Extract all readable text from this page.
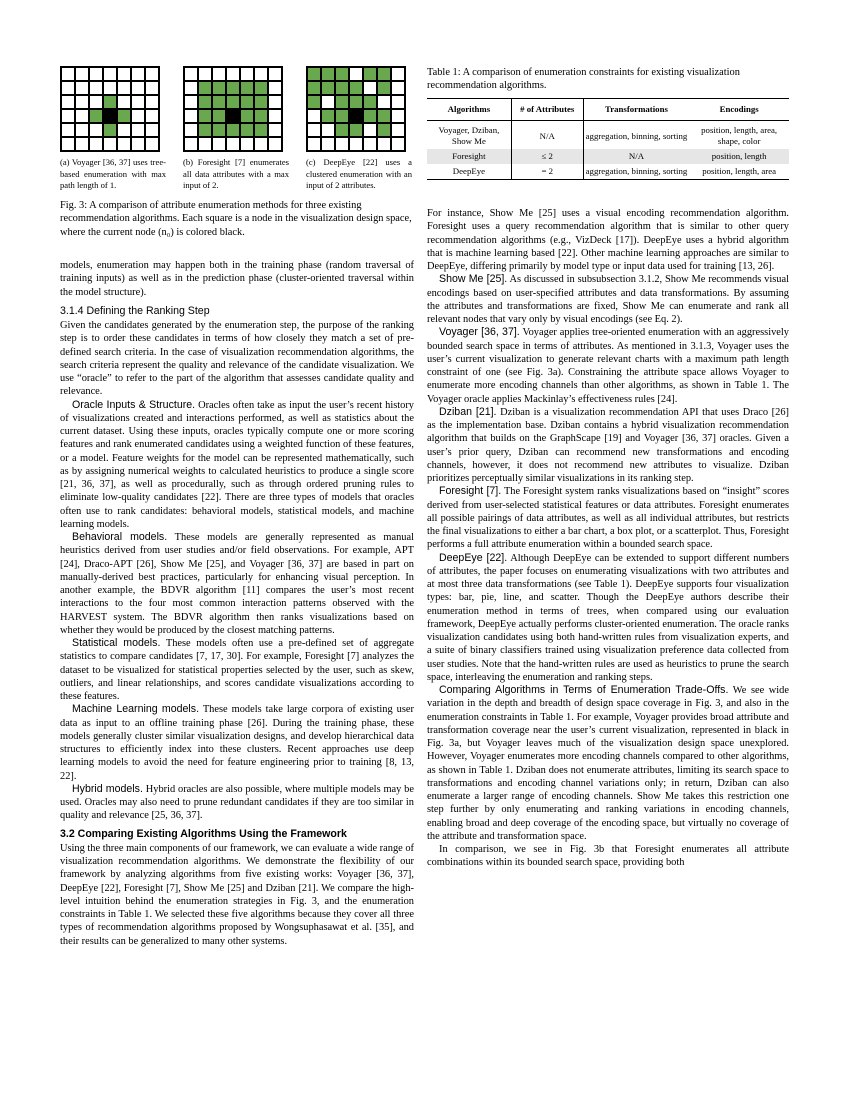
(a) Voyager [36, 37] uses tree-based enumeration with max path length of 1.
(b) Foresight [7] enumerates all data attributes with a max input of 2.
(c) DeepEye [22] uses a clustered enumeration with an input of 2 attributes.
Fig. 3: A comparison of attribute enumeration methods for three existing recommendation algorithms. Each square is a node in the visualization design space, where the current node (n₀) is colored black.

models, enumeration may happen both in the training phase (random traversal of training inputs) as well as in the prediction phase (cluster-oriented traversal within the model structure).

3.1.4 Defining the Ranking Step

Given the candidates generated by the enumeration step, the purpose of the ranking step is to order these candidates in terms of how closely they match a set of pre-defined search criteria. In the case of visualization recommendation algorithms, the search criteria represent the quality and relevance of the candidate visualization. We use “oracle” to refer to the part of the algorithm that assesses candidate quality and relevance.

Oracle Inputs & Structure. Oracles often take as input the user’s recent history of visualizations created and interactions performed, as well as statistics about the current dataset. Using these inputs, oracles typically compute one or more scoring features and rank enumerated candidates using a weighted function of these features, or a model. Feature weights for the model can be represented mathematically, such as by assigning numerical weights to calculated heuristics to produce a single score [21, 36, 37], as well as procedurally, such as through ordered pruning rules to eliminate low-quality candidates [22]. There are three types of models that oracles often use to rank candidates: behavioral models, statistical models, and machine learning models.

Behavioral models. These models are generally represented as manual heuristics derived from user studies and/or field observations. For example, APT [24], Draco-APT [26], Show Me [25], and Voyager [36, 37] are based in part on manually-derived best practices, particularly for enhancing visual perception. In another example, the BDVR algorithm [11] compares the user’s most recent interactions to the four most common interaction patterns observed with the HARVEST system. The BDVR algorithm then ranks visualizations based on whether they would be produced by the closest matching patterns.

Statistical models. These models often use a pre-defined set of aggregate statistics to compare candidates [7, 17, 30]. For example, Foresight [7] analyzes the dataset to be visualized for statistical properties selected by the user, such as skew, outliers, and linear relationships, and scores candidate visualizations according to these features.

Machine Learning models. These models take large corpora of existing user data as input to an offline training phase [26]. During the training phase, these models generally cluster similar visualization designs, and develop hierarchical data structures to efficiently index into these clusters. Recent approaches use deep learning models to avoid the need for feature engineering prior to training [8, 13, 22].

Hybrid models. Hybrid oracles are also possible, where multiple models may be used. Oracles may also need to prune redundant candidates if they are too similar in quality and relevance [25, 36, 37].

3.2 Comparing Existing Algorithms Using the Framework

Using the three main components of our framework, we can evaluate a wide range of visualization recommendation algorithms. We demonstrate the flexibility of our framework by analyzing algorithms from five existing works: Voyager [36, 37], DeepEye [22], Foresight [7], Show Me [25] and Dziban [21]. We compare the high-level intuition behind the enumeration strategies in Fig. 3, and the enumeration constraints in Table 1. We selected these five algorithms because they cover all three types of recommendation algorithms proposed by Wongsuphasawat et al. [35], and their results can be generalized to many other systems.

Table 1: A comparison of enumeration constraints for existing visualization recommendation algorithms.
Algorithms	# of Attributes	Transformations	Encodings
Voyager, Dziban, Show Me	N/A	aggregation, binning, sorting	position, length, area, shape, color
Foresight	≤ 2	N/A	position, length
DeepEye	= 2	aggregation, binning, sorting	position, length, area

For instance, Show Me [25] uses a visual encoding recommendation algorithm. Foresight uses a query recommendation algorithm that is similar to other query recommendation algorithms (e.g., VizDeck [17]). DeepEye uses a hybrid algorithm that is machine learning based [22]. Other machine learning approaches are similar to DeepEye, differing primarily by model type or input data used for training [13, 26].

Show Me [25]. As discussed in subsubsection 3.1.2, Show Me recommends visual encodings based on user-specified attributes and data transformations. By assuming the attributes and transformations are fixed, Show Me can enumerate and rank all relevant nodes that vary only by visual encodings (see Eq. 2).

Voyager [36, 37]. Voyager applies tree-oriented enumeration with an aggressively bounded search space in terms of attributes. As mentioned in 3.1.3, Voyager uses the user’s current visualization to generate relevant charts with a maximum path length constraint of one (see Fig. 3a). Constraining the attribute space allows Voyager to enumerate more encoding channels than other algorithms, as shown in Table 1. The Voyager oracle applies Mackinlay’s effectiveness rules [24].

Dziban [21]. Dziban is a visualization recommendation API that uses Draco [26] as the implementation base. Dziban contains a hybrid visualization recommendation algorithm that builds on the GraphScape [19] and Voyager [36, 37] oracles. Given a user’s prior query, Dziban can recommend new transformations and encoding channels, however, it does not recommend new attributes to visualize. Dziban prioritizes perceptually similar visualizations in its ranking step.

Foresight [7]. The Foresight system ranks visualizations based on “insight” scores derived from user-selected statistical features or data attributes. Foresight enumerates all possible pairings of data attributes, as well as all individual attributes, but restricts the final visualizations to either a bar chart, a box plot, or a scatterplot. Thus, Foresight performs a full attribute enumeration within a bounded search space.

DeepEye [22]. Although DeepEye can be extended to support different numbers of attributes, the paper focuses on enumerating visualizations with two attributes and at most three data transformations (see Table 1). DeepEye supports four visualization types: bar, pie, line, and scatter. Though the DeepEye authors describe their enumeration method in terms of trees, when compared using our evaluation framework, DeepEye actually performs cluster-oriented enumeration. The oracle ranks visualization candidates using both hand-written rules from visualization experts, and a suite of binary classifiers trained using visualization preference data collected from user studies. Note that the hand-written rules are used as heuristics to prune the search space, interleaving the enumeration and ranking steps.

Comparing Algorithms in Terms of Enumeration Trade-Offs. We see wide variation in the depth and breadth of design space coverage in Fig. 3, and also in the enumeration constraints in Table 1. For example, Voyager provides broad attribute and transformation coverage near the user’s current visualization, represented in black in Fig. 3a, but Voyager leaves much of the visualization design space unexplored. However, Voyager enumerates more encoding channels compared to other algorithms, as shown in Table 1. Dziban does not enumerate attributes, limiting its search space to transformations and encoding channel variations only; in return, Dziban can also enumerate a larger range of encoding channels. Show Me takes this restriction one step further by only enumerating and ranking variations in encoding channels, enabling broad and deep coverage of the encoding space, but virtually no coverage of the attribute and transformation space.

In comparison, we see in Fig. 3b that Foresight enumerates all attribute combinations within its bounded search space, providing both
